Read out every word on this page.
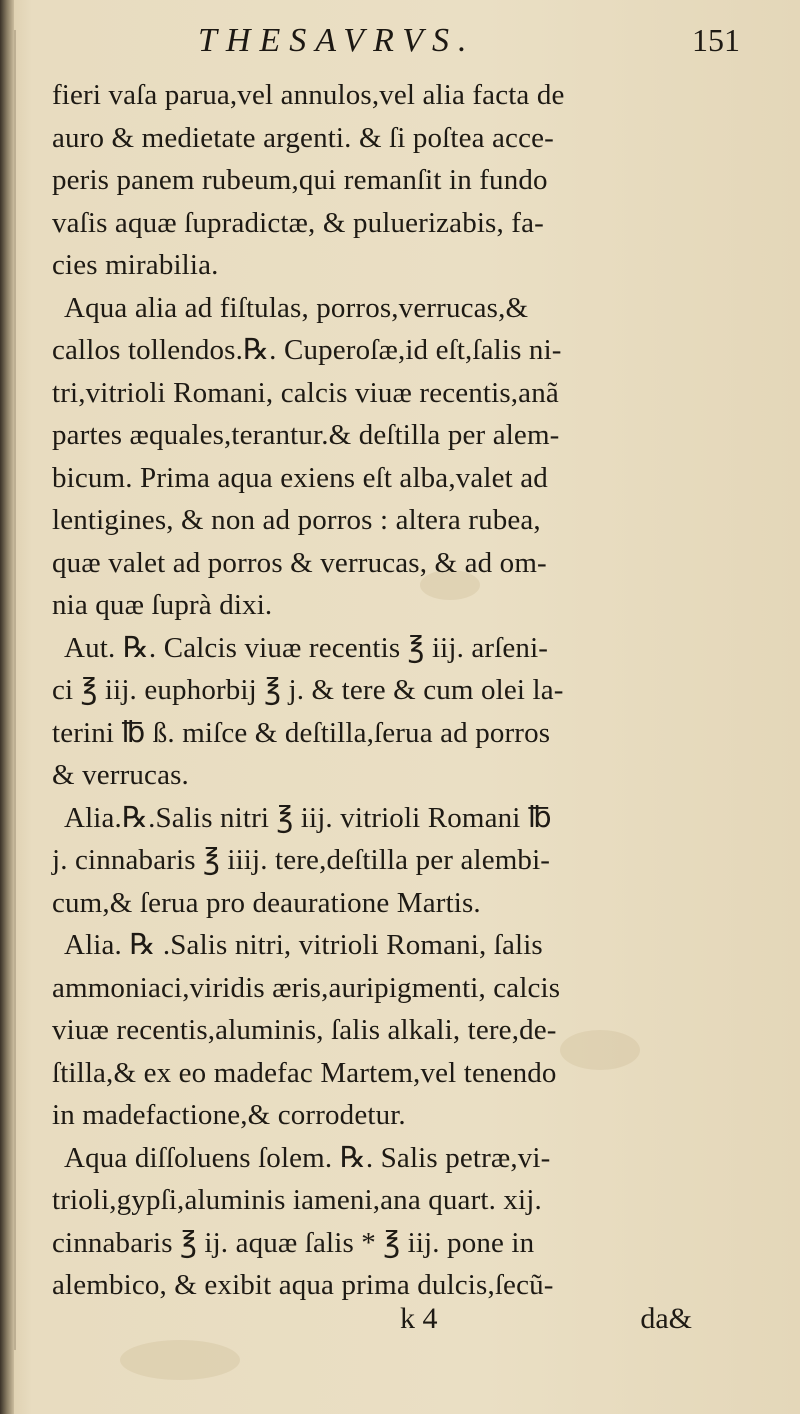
THESAVRVS.	151
fieri vaſa parua,vel annulos,vel alia facta de
auro & medietate argenti. & ſi poſtea acce-
peris panem rubeum,qui remanſit in fundo
vaſis aquæ ſupradictæ, & puluerizabis, fa-
cies mirabilia.
Aqua alia ad fiſtulas, porros,verrucas,&
callos tollendos.℞. Cuperoſæ,id eſt,ſalis ni-
tri,vitrioli Romani, calcis viuæ recentis,anã
partes æquales,terantur.& deſtilla per alem-
bicum. Prima aqua exiens eſt alba,valet ad
lentigines, & non ad porros : altera rubea,
quæ valet ad porros & verrucas, & ad om-
nia quæ ſuprà dixi.
Aut. ℞. Calcis viuæ recentis ℥ iij. arſeni-
ci ℥ iij. euphorbij ℥ j. & tere & cum olei la-
terini ℔ ß. miſce & deſtilla,ſerua ad porros
& verrucas.
Alia.℞.Salis nitri ℥ iij. vitrioli Romani ℔
j. cinnabaris ℥ iiij. tere,deſtilla per alembi-
cum,& ſerua pro deauratione Martis.
Alia. ℞ .Salis nitri, vitrioli Romani, ſalis
ammoniaci,viridis æris,auripigmenti, calcis
viuæ recentis,aluminis, ſalis alkali, tere,de-
ſtilla,& ex eo madefac Martem,vel tenendo
in madefactione,& corrodetur.
Aqua diſſoluens ſolem. ℞. Salis petræ,vi-
trioli,gypſi,aluminis iameni,ana quart. xij.
cinnabaris ℥ ij. aquæ ſalis * ℥ iij. pone in
alembico, & exibit aqua prima dulcis,ſecũ-
k 4	da&
